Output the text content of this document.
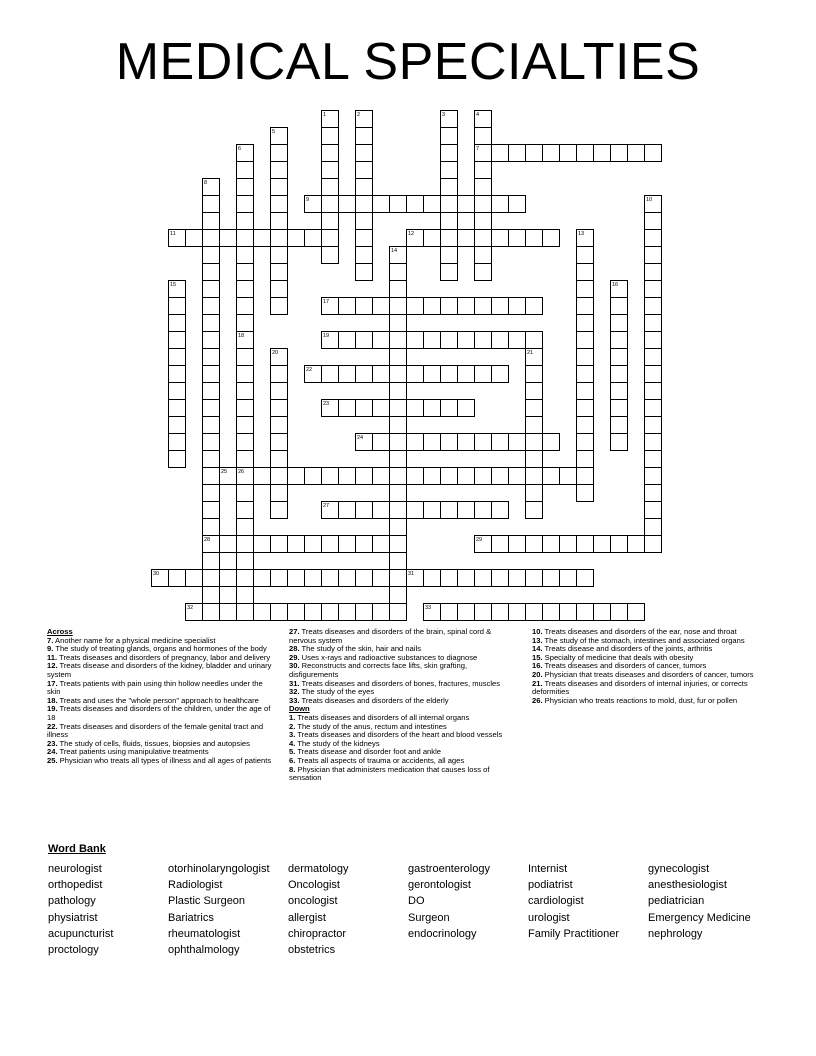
MEDICAL SPECIALTIES
1	2	3	4
7
5
6
18
26
8
28
9	10
11	12	13
14
15	16
17
19
20	21
22
23
24
25
27
29
30	31
32	33
Across
7. Another name for a physical medicine specialist
9. The study of treating glands, organs and hormones of the body
11. Treats diseases and disorders of pregnancy, labor and delivery
12. Treats disease and disorders of the kidney, bladder and urinary system
17. Treats patients with pain using thin hollow needles under the skin
18. Treats and uses the "whole person" approach to healthcare
19. Treats diseases and disorders of the children, under the age of 18
22. Treats diseases and disorders of the female genital tract and illness
23. The study of cells, fluids, tissues, biopsies and autopsies
24. Treat patients using manipulative treatments
25. Physician who treats all types of illness and all ages of patients
27. Treats diseases and disorders of the brain, spinal cord & nervous system
28. The study of the skin, hair and nails
29. Uses x-rays and radioactive substances to diagnose
30. Reconstructs and corrects face lifts, skin grafting, disfigurements
31. Treats diseases and disorders of bones, fractures, muscles
32. The study of the eyes
33. Treats diseases and disorders of the elderly
Down
1. Treats diseases and disorders of all internal organs
2. The study of the anus, rectum and intestines
3. Treats diseases and disorders of the heart and blood vessels
4. The study of the kidneys
5. Treats disease and disorder foot and ankle
6. Treats all aspects of trauma or accidents, all ages
8. Physician that administers medication that causes loss of sensation
10. Treats diseases and disorders of the ear, nose and throat
13. The study of the stomach, intestines and associated organs
14. Treats disease and disorders of the joints, arthritis
15. Specialty of medicine that deals with obesity
16. Treats diseases and disorders of cancer, tumors
20. Physician that treats diseases and disorders of cancer, tumors
21. Treats diseases and disorders of internal injuries, or corrects deformities
26. Physician who treats reactions to mold, dust, fur or pollen
Word Bank
neurologist
orthopedist
pathology
physiatrist
acupuncturist
proctology
otorhinolaryngologist
Radiologist
Plastic Surgeon
Bariatrics
rheumatologist
ophthalmology
dermatology
Oncologist
oncologist
allergist
chiropractor
obstetrics
gastroenterology
gerontologist
DO
Surgeon
endocrinology
Internist
podiatrist
cardiologist
urologist
Family Practitioner
gynecologist
anesthesiologist
pediatrician
Emergency Medicine
nephrology
